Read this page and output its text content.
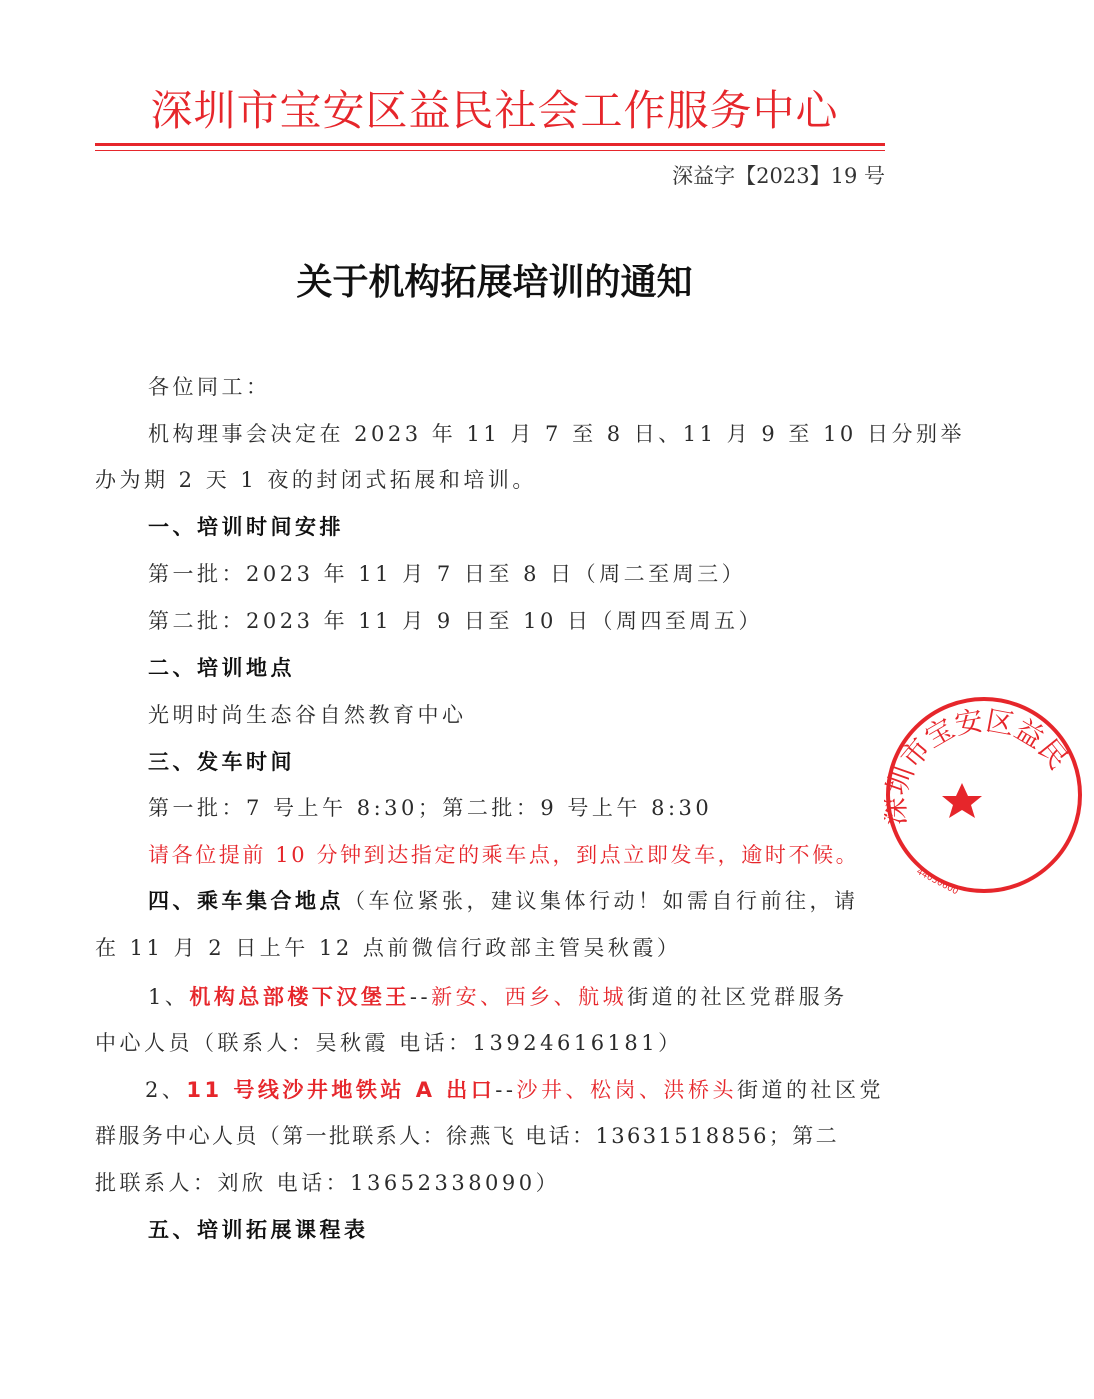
深圳市宝安区益民社会工作服务中心
深益字【2023】19 号
关于机构拓展培训的通知
各位同工：
机构理事会决定在 2023 年 11 月 7 至 8 日、11 月 9 至 10 日分别举
办为期 2 天 1 夜的封闭式拓展和培训。
一、培训时间安排
第一批：2023 年 11 月 7 日至 8 日（周二至周三）
第二批：2023 年 11 月 9 日至 10 日（周四至周五）
二、培训地点
光明时尚生态谷自然教育中心
三、发车时间
第一批：7 号上午 8:30；第二批：9 号上午 8:30
请各位提前 10 分钟到达指定的乘车点，到点立即发车，逾时不候。
四、乘车集合地点（车位紧张，建议集体行动！如需自行前往，请
在 11 月 2 日上午 12 点前微信行政部主管吴秋霞）
1、机构总部楼下汉堡王--新安、西乡、航城街道的社区党群服务
中心人员（联系人：吴秋霞 电话：13924616181）
2、11 号线沙井地铁站 A 出口--沙井、松岗、洪桥头街道的社区党
群服务中心人员（第一批联系人：徐燕飞 电话：13631518856；第二
批联系人：刘欣 电话：13652338090）
五、培训拓展课程表
市宝安区益民
44030600
